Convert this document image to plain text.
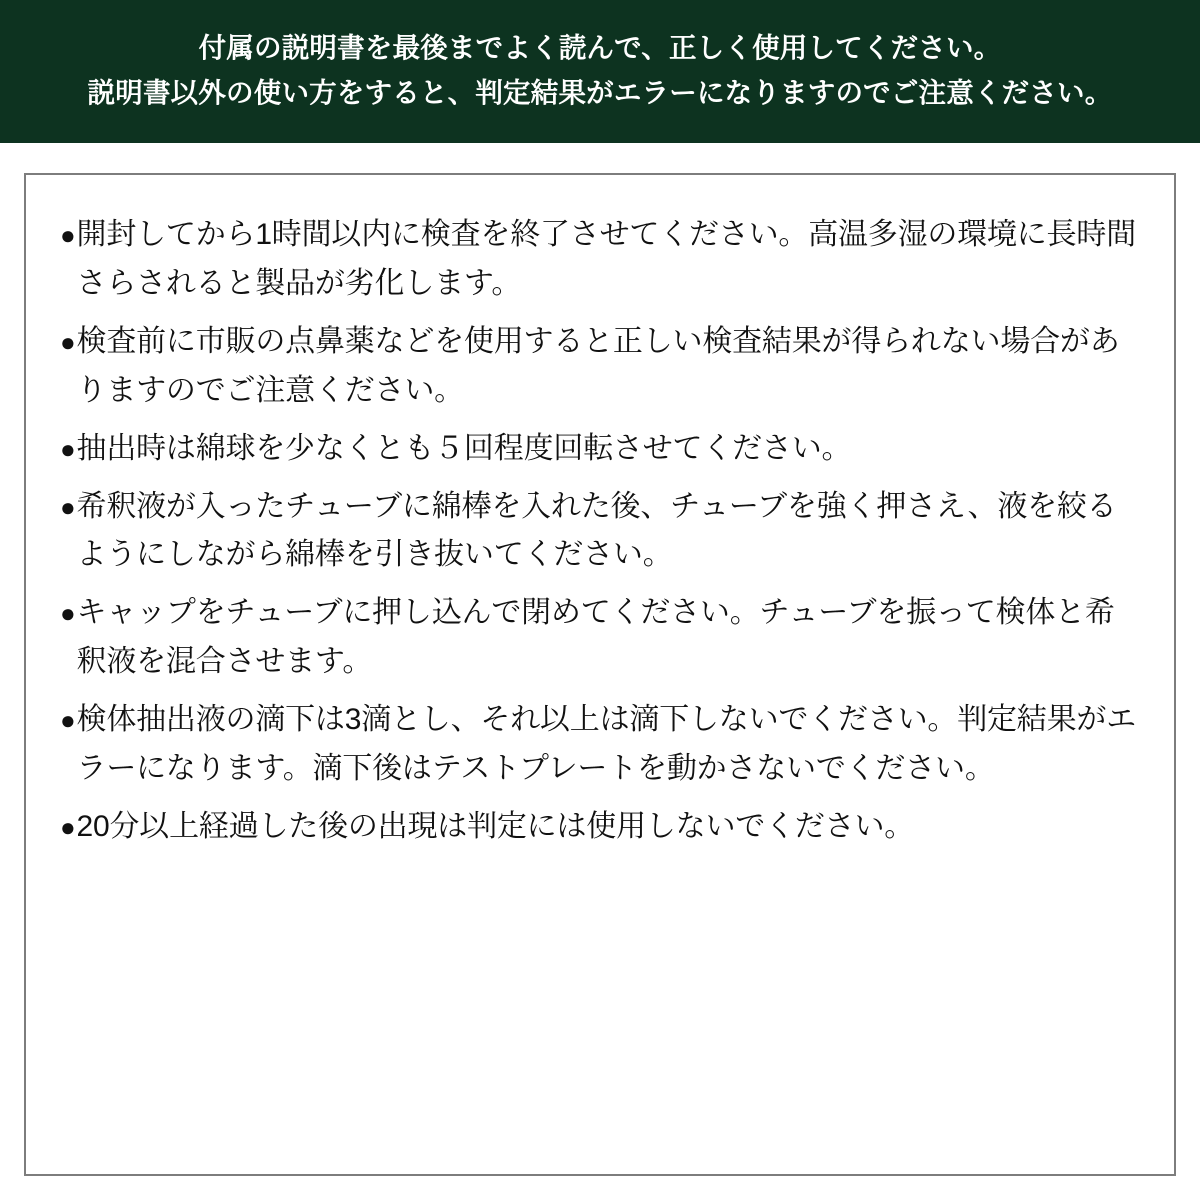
付属の説明書を最後までよく読んで、正しく使用してください。
説明書以外の使い方をすると、判定結果がエラーになりますのでご注意ください。
● 開封してから1時間以内に検査を終了させてください。高温多湿の環境に長時間さらされると製品が劣化します。
● 検査前に市販の点鼻薬などを使用すると正しい検査結果が得られない場合がありますのでご注意ください。
● 抽出時は綿球を少なくとも５回程度回転させてください。
● 希釈液が入ったチューブに綿棒を入れた後、チューブを強く押さえ、液を絞るようにしながら綿棒を引き抜いてください。
● キャップをチューブに押し込んで閉めてください。チューブを振って検体と希釈液を混合させます。
● 検体抽出液の滴下は3滴とし、それ以上は滴下しないでください。判定結果がエラーになります。滴下後はテストプレートを動かさないでください。
● 20分以上経過した後の出現は判定には使用しないでください。
